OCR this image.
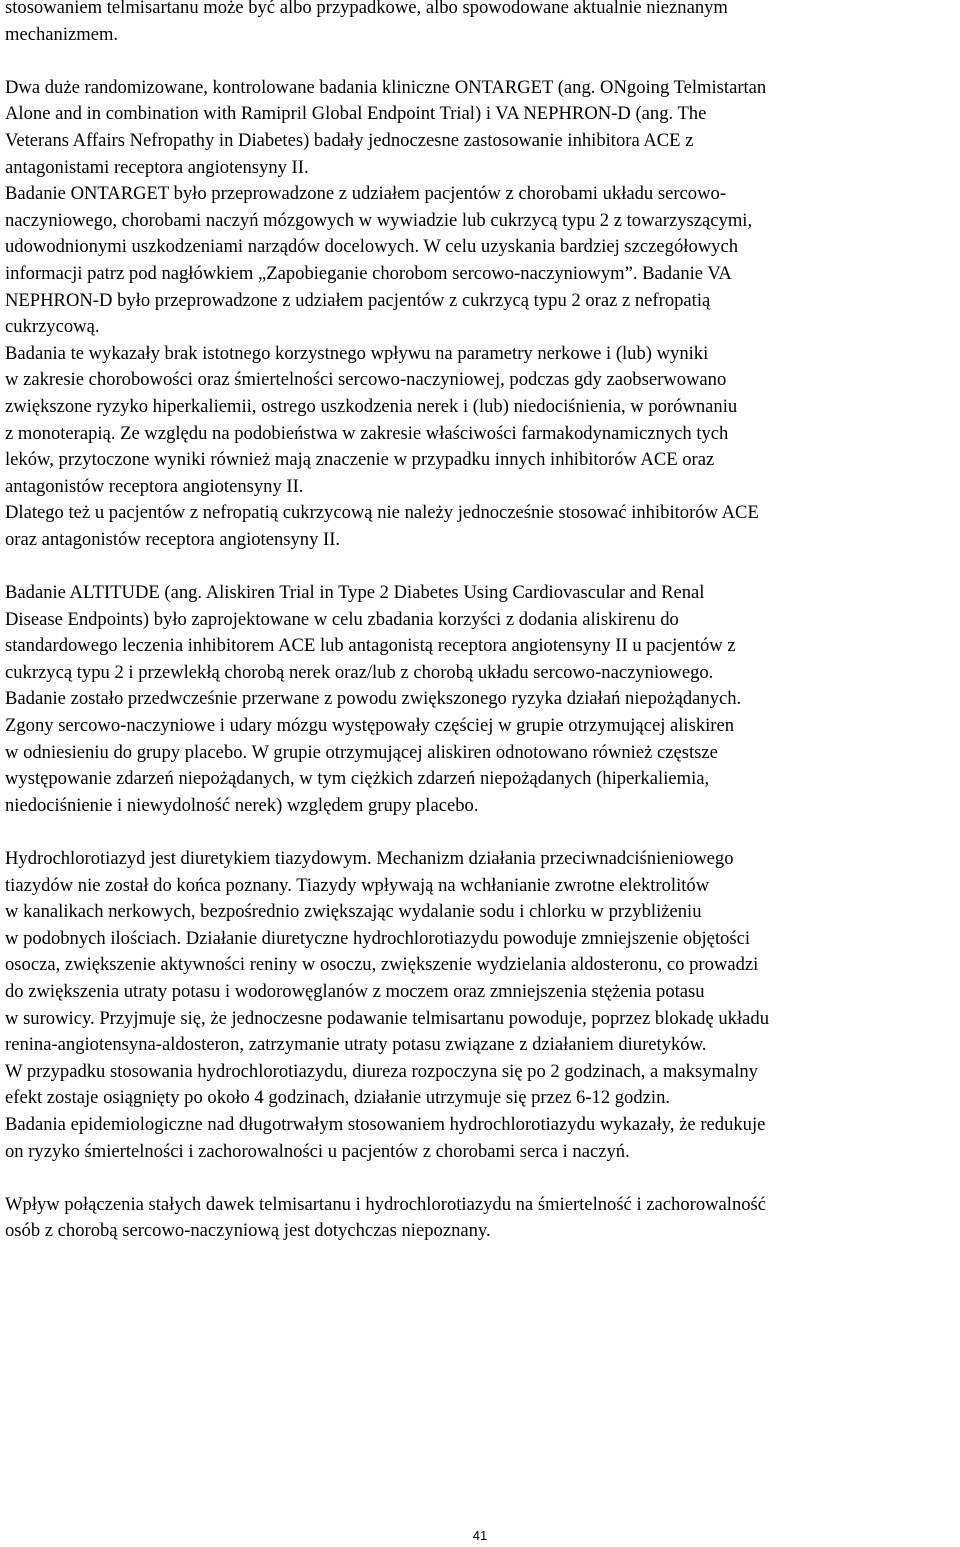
stosowaniem telmisartanu może być albo przypadkowe, albo spowodowane aktualnie nieznanym

mechanizmem.

Dwa duże randomizowane, kontrolowane badania kliniczne ONTARGET (ang. ONgoing Telmistartan

Alone and in combination with Ramipril Global Endpoint Trial) i VA NEPHRON-D (ang. The

Veterans Affairs Nefropathy in Diabetes) badały jednoczesne zastosowanie inhibitora ACE z

antagonistami receptora angiotensyny II.

Badanie ONTARGET było przeprowadzone z udziałem pacjentów z chorobami układu sercowo-

naczyniowego, chorobami naczyń mózgowych w wywiadzie lub cukrzycą typu 2 z towarzyszącymi,

udowodnionymi uszkodzeniami narządów docelowych. W celu uzyskania bardziej szczegółowych

informacji patrz pod nagłówkiem „Zapobieganie chorobom sercowo-naczyniowym”. Badanie VA

NEPHRON-D było przeprowadzone z udziałem pacjentów z cukrzycą typu 2 oraz z nefropatią

cukrzycową.

Badania te wykazały brak istotnego korzystnego wpływu na parametry nerkowe i (lub) wyniki

w zakresie chorobowości oraz śmiertelności sercowo-naczyniowej, podczas gdy zaobserwowano

zwiększone ryzyko hiperkaliemii, ostrego uszkodzenia nerek i (lub) niedociśnienia, w porównaniu

z monoterapią. Ze względu na podobieństwa w zakresie właściwości farmakodynamicznych tych

leków, przytoczone wyniki również mają znaczenie w przypadku innych inhibitorów ACE oraz

antagonistów receptora angiotensyny II.

Dlatego też u pacjentów z nefropatią cukrzycową nie należy jednocześnie stosować inhibitorów ACE

oraz antagonistów receptora angiotensyny II.

Badanie ALTITUDE (ang. Aliskiren Trial in Type 2 Diabetes Using Cardiovascular and Renal

Disease Endpoints) było zaprojektowane w celu zbadania korzyści z dodania aliskirenu do

standardowego leczenia inhibitorem ACE lub antagonistą receptora angiotensyny II u pacjentów z

cukrzycą typu 2 i przewlekłą chorobą nerek oraz/lub z chorobą układu sercowo-naczyniowego.

Badanie zostało przedwcześnie przerwane z powodu zwiększonego ryzyka działań niepożądanych.

Zgony sercowo-naczyniowe i udary mózgu występowały częściej w grupie otrzymującej aliskiren

w odniesieniu do grupy placebo. W grupie otrzymującej aliskiren odnotowano również częstsze

występowanie zdarzeń niepożądanych, w tym ciężkich zdarzeń niepożądanych (hiperkaliemia,

niedociśnienie i niewydolność nerek) względem grupy placebo.

Hydrochlorotiazyd jest diuretykiem tiazydowym. Mechanizm działania przeciwnadciśnieniowego

tiazydów nie został do końca poznany. Tiazydy wpływają na wchłanianie zwrotne elektrolitów

w kanalikach nerkowych, bezpośrednio zwiększając wydalanie sodu i chlorku w przybliżeniu

w podobnych ilościach. Działanie diuretyczne hydrochlorotiazydu powoduje zmniejszenie objętości

osocza, zwiększenie aktywności reniny w osoczu, zwiększenie wydzielania aldosteronu, co prowadzi

do zwiększenia utraty potasu i wodorowęglanów z moczem oraz zmniejszenia stężenia potasu

w surowicy. Przyjmuje się, że jednoczesne podawanie telmisartanu powoduje, poprzez blokadę układu

renina-angiotensyna-aldosteron, zatrzymanie utraty potasu związane z działaniem diuretyków.

W przypadku stosowania hydrochlorotiazydu, diureza rozpoczyna się po 2 godzinach, a maksymalny

efekt zostaje osiągnięty po około 4 godzinach, działanie utrzymuje się przez 6-12 godzin.

Badania epidemiologiczne nad długotrwałym stosowaniem hydrochlorotiazydu wykazały, że redukuje

on ryzyko śmiertelności i zachorowalności u pacjentów z chorobami serca i naczyń.

Wpływ połączenia stałych dawek telmisartanu i hydrochlorotiazydu na śmiertelność i zachorowalność

osób z chorobą sercowo-naczyniową jest dotychczas niepoznany.

41
